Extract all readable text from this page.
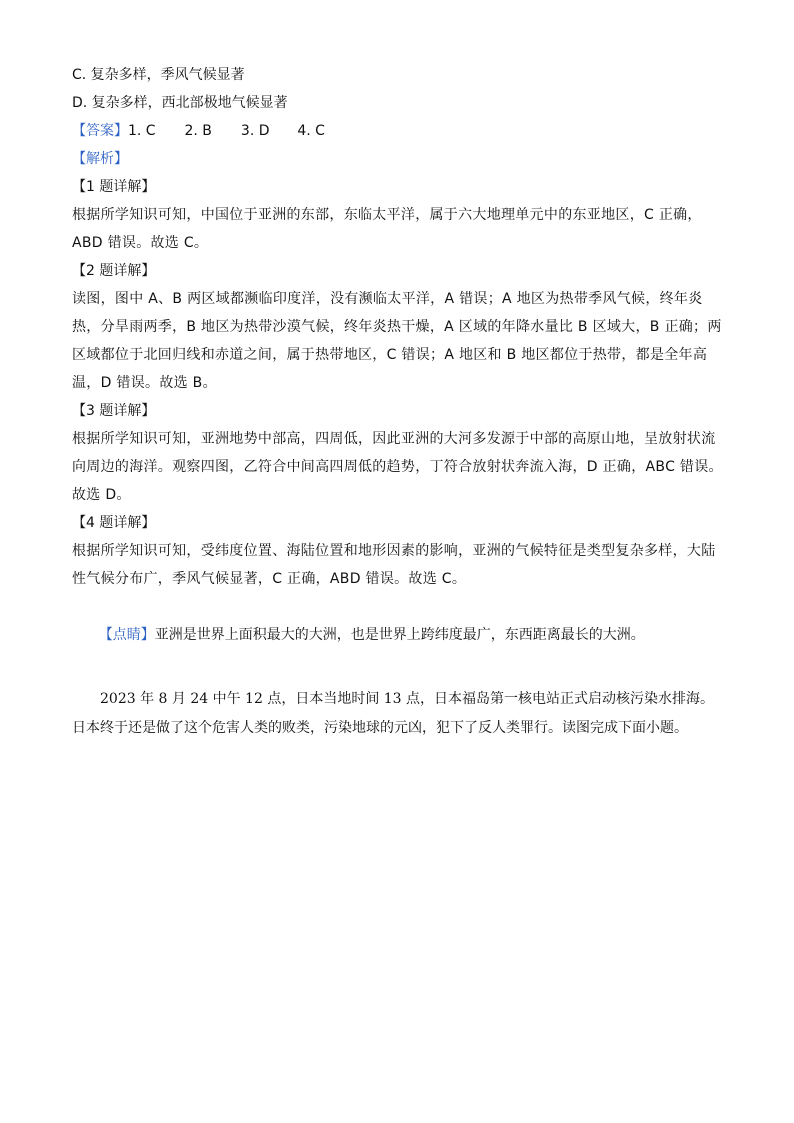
C. 复杂多样，季风气候显著
D. 复杂多样，西北部极地气候显著
【答案】 1. C 2. B 3. D 4. C
【解析】
【1 题详解】
根据所学知识可知，中国位于亚洲的东部，东临太平洋，属于六大地理单元中的东亚地区，C 正确，ABD 错误。故选 C。
【2 题详解】
读图，图中 A、B 两区域都濒临印度洋，没有濒临太平洋，A 错误；A 地区为热带季风气候，终年炎热，分旱雨两季，B 地区为热带沙漠气候，终年炎热干燥，A 区域的年降水量比 B 区域大，B 正确；两区域都位于北回归线和赤道之间，属于热带地区，C 错误；A 地区和 B 地区都位于热带，都是全年高温，D 错误。故选 B。
【3 题详解】
根据所学知识可知，亚洲地势中部高，四周低，因此亚洲的大河多发源于中部的高原山地，呈放射状流向周边的海洋。观察四图，乙符合中间高四周低的趋势，丁符合放射状奔流入海，D 正确，ABC 错误。故选 D。
【4 题详解】
根据所学知识可知，受纬度位置、海陆位置和地形因素的影响，亚洲的气候特征是类型复杂多样，大陆性气候分布广，季风气候显著，C 正确，ABD 错误。故选 C。

【点睛】亚洲是世界上面积最大的大洲，也是世界上跨纬度最广，东西距离最长的大洲。

2023 年 8 月 24 中午 12 点，日本当地时间 13 点，日本福岛第一核电站正式启动核污染水排海。日本终于还是做了这个危害人类的败类，污染地球的元凶，犯下了反人类罪行。读图完成下面小题。
